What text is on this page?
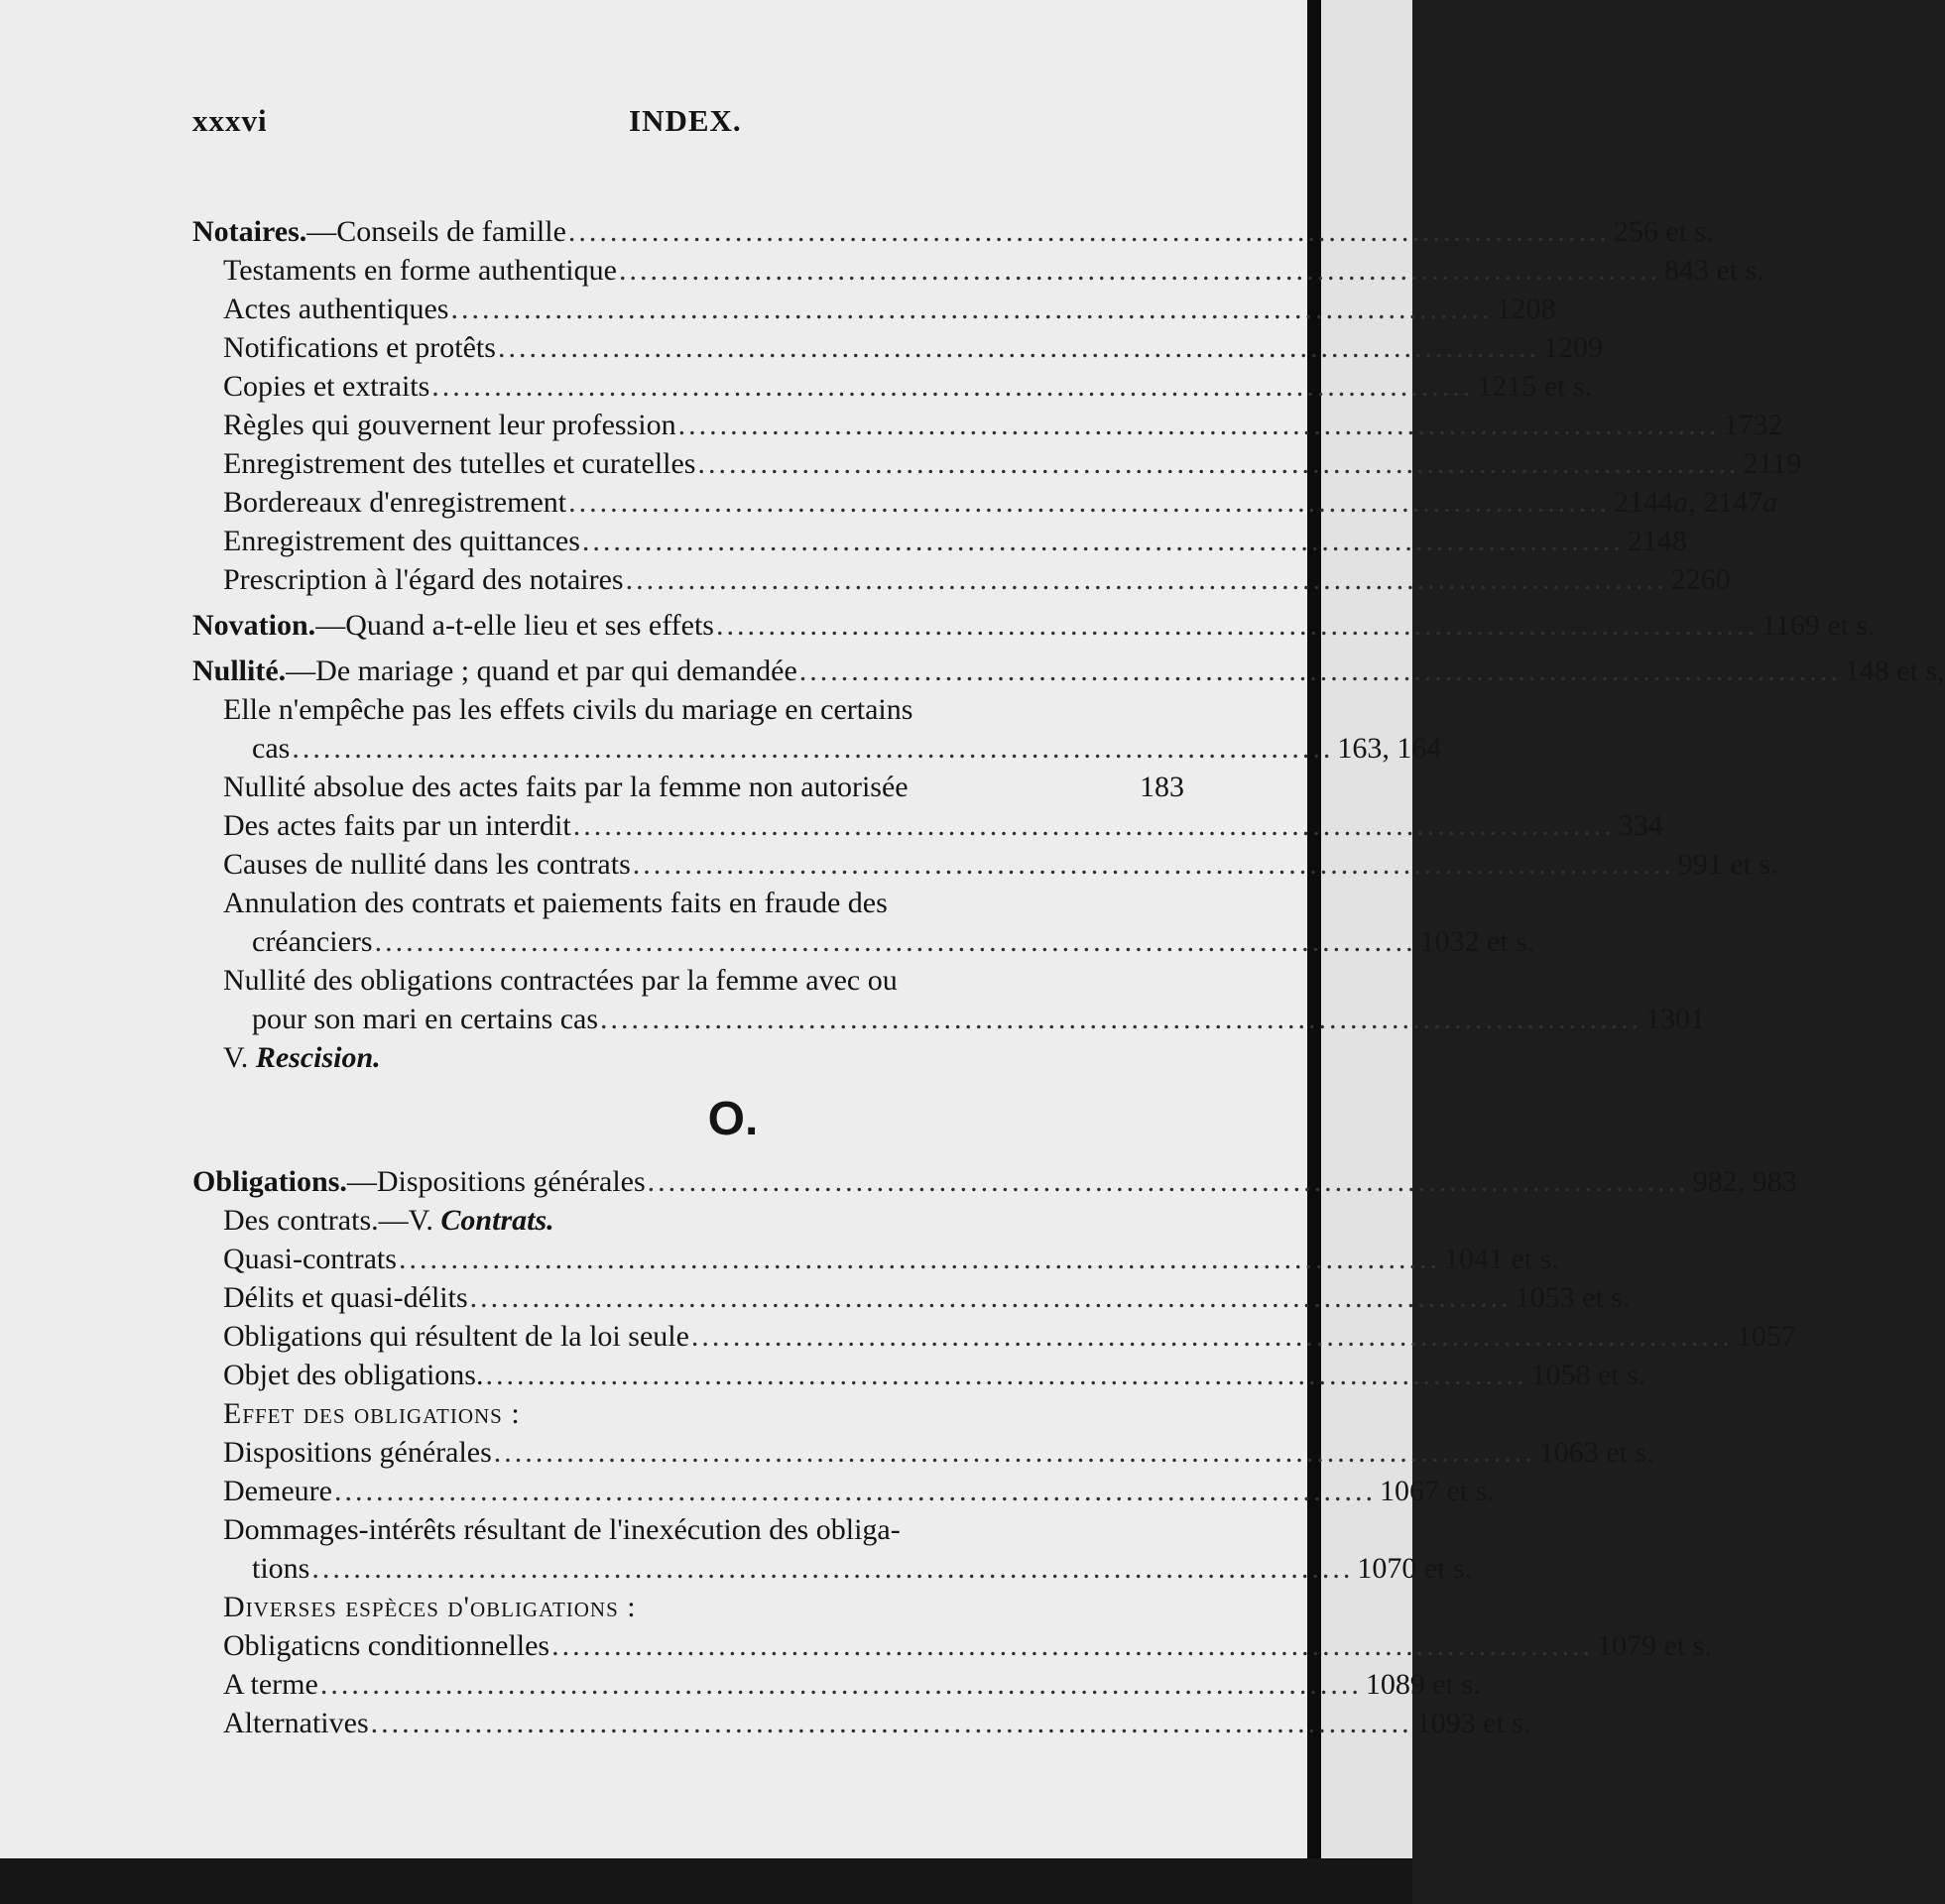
xxxvi	INDEX.
Notaires.—Conseils de famille .................................................................................................... 256 et s.
Testaments en forme authentique .................................................................................................... 843 et s.
Actes authentiques .................................................................................................... 1208
Notifications et protêts .................................................................................................... 1209
Copies et extraits .................................................................................................... 1215 et s.
Règles qui gouvernent leur profession .................................................................................................... 1732
Enregistrement des tutelles et curatelles .................................................................................................... 2119
Bordereaux d'enregistrement .................................................................................................... 2144a, 2147a
Enregistrement des quittances .................................................................................................... 2148
Prescription à l'égard des notaires .................................................................................................... 2260
Novation.—Quand a-t-elle lieu et ses effets .................................................................................................... 1169 et s.
Nullité.—De mariage ; quand et par qui demandée .................................................................................................... 148 et s,
Elle n'empêche pas les effets civils du mariage en certains
cas .................................................................................................... 163, 164
Nullité absolue des actes faits par la femme non autorisée	183
Des actes faits par un interdit .................................................................................................... 334
Causes de nullité dans les contrats .................................................................................................... 991 et s.
Annulation des contrats et paiements faits en fraude des
créanciers .................................................................................................... 1032 et s.
Nullité des obligations contractées par la femme avec ou
pour son mari en certains cas .................................................................................................... 1301
V. Rescision.
O.
Obligations.—Dispositions générales .................................................................................................... 982, 983
Des contrats.—V. Contrats.
Quasi-contrats .................................................................................................... 1041 et s.
Délits et quasi-délits .................................................................................................... 1053 et s.
Obligations qui résultent de la loi seule .................................................................................................... 1057
Objet des obligations. .................................................................................................... 1058 et s.
Effet des obligations :
Dispositions générales .................................................................................................... 1063 et s.
Demeure .................................................................................................... 1067 et s.
Dommages-intérêts résultant de l'inexécution des obliga-
tions .................................................................................................... 1070 et s.
Diverses espèces d'obligations :
Obligaticns conditionnelles .................................................................................................... 1079 et s.
A terme .................................................................................................... 1089 et s.
Alternatives .................................................................................................... 1093 et s.
